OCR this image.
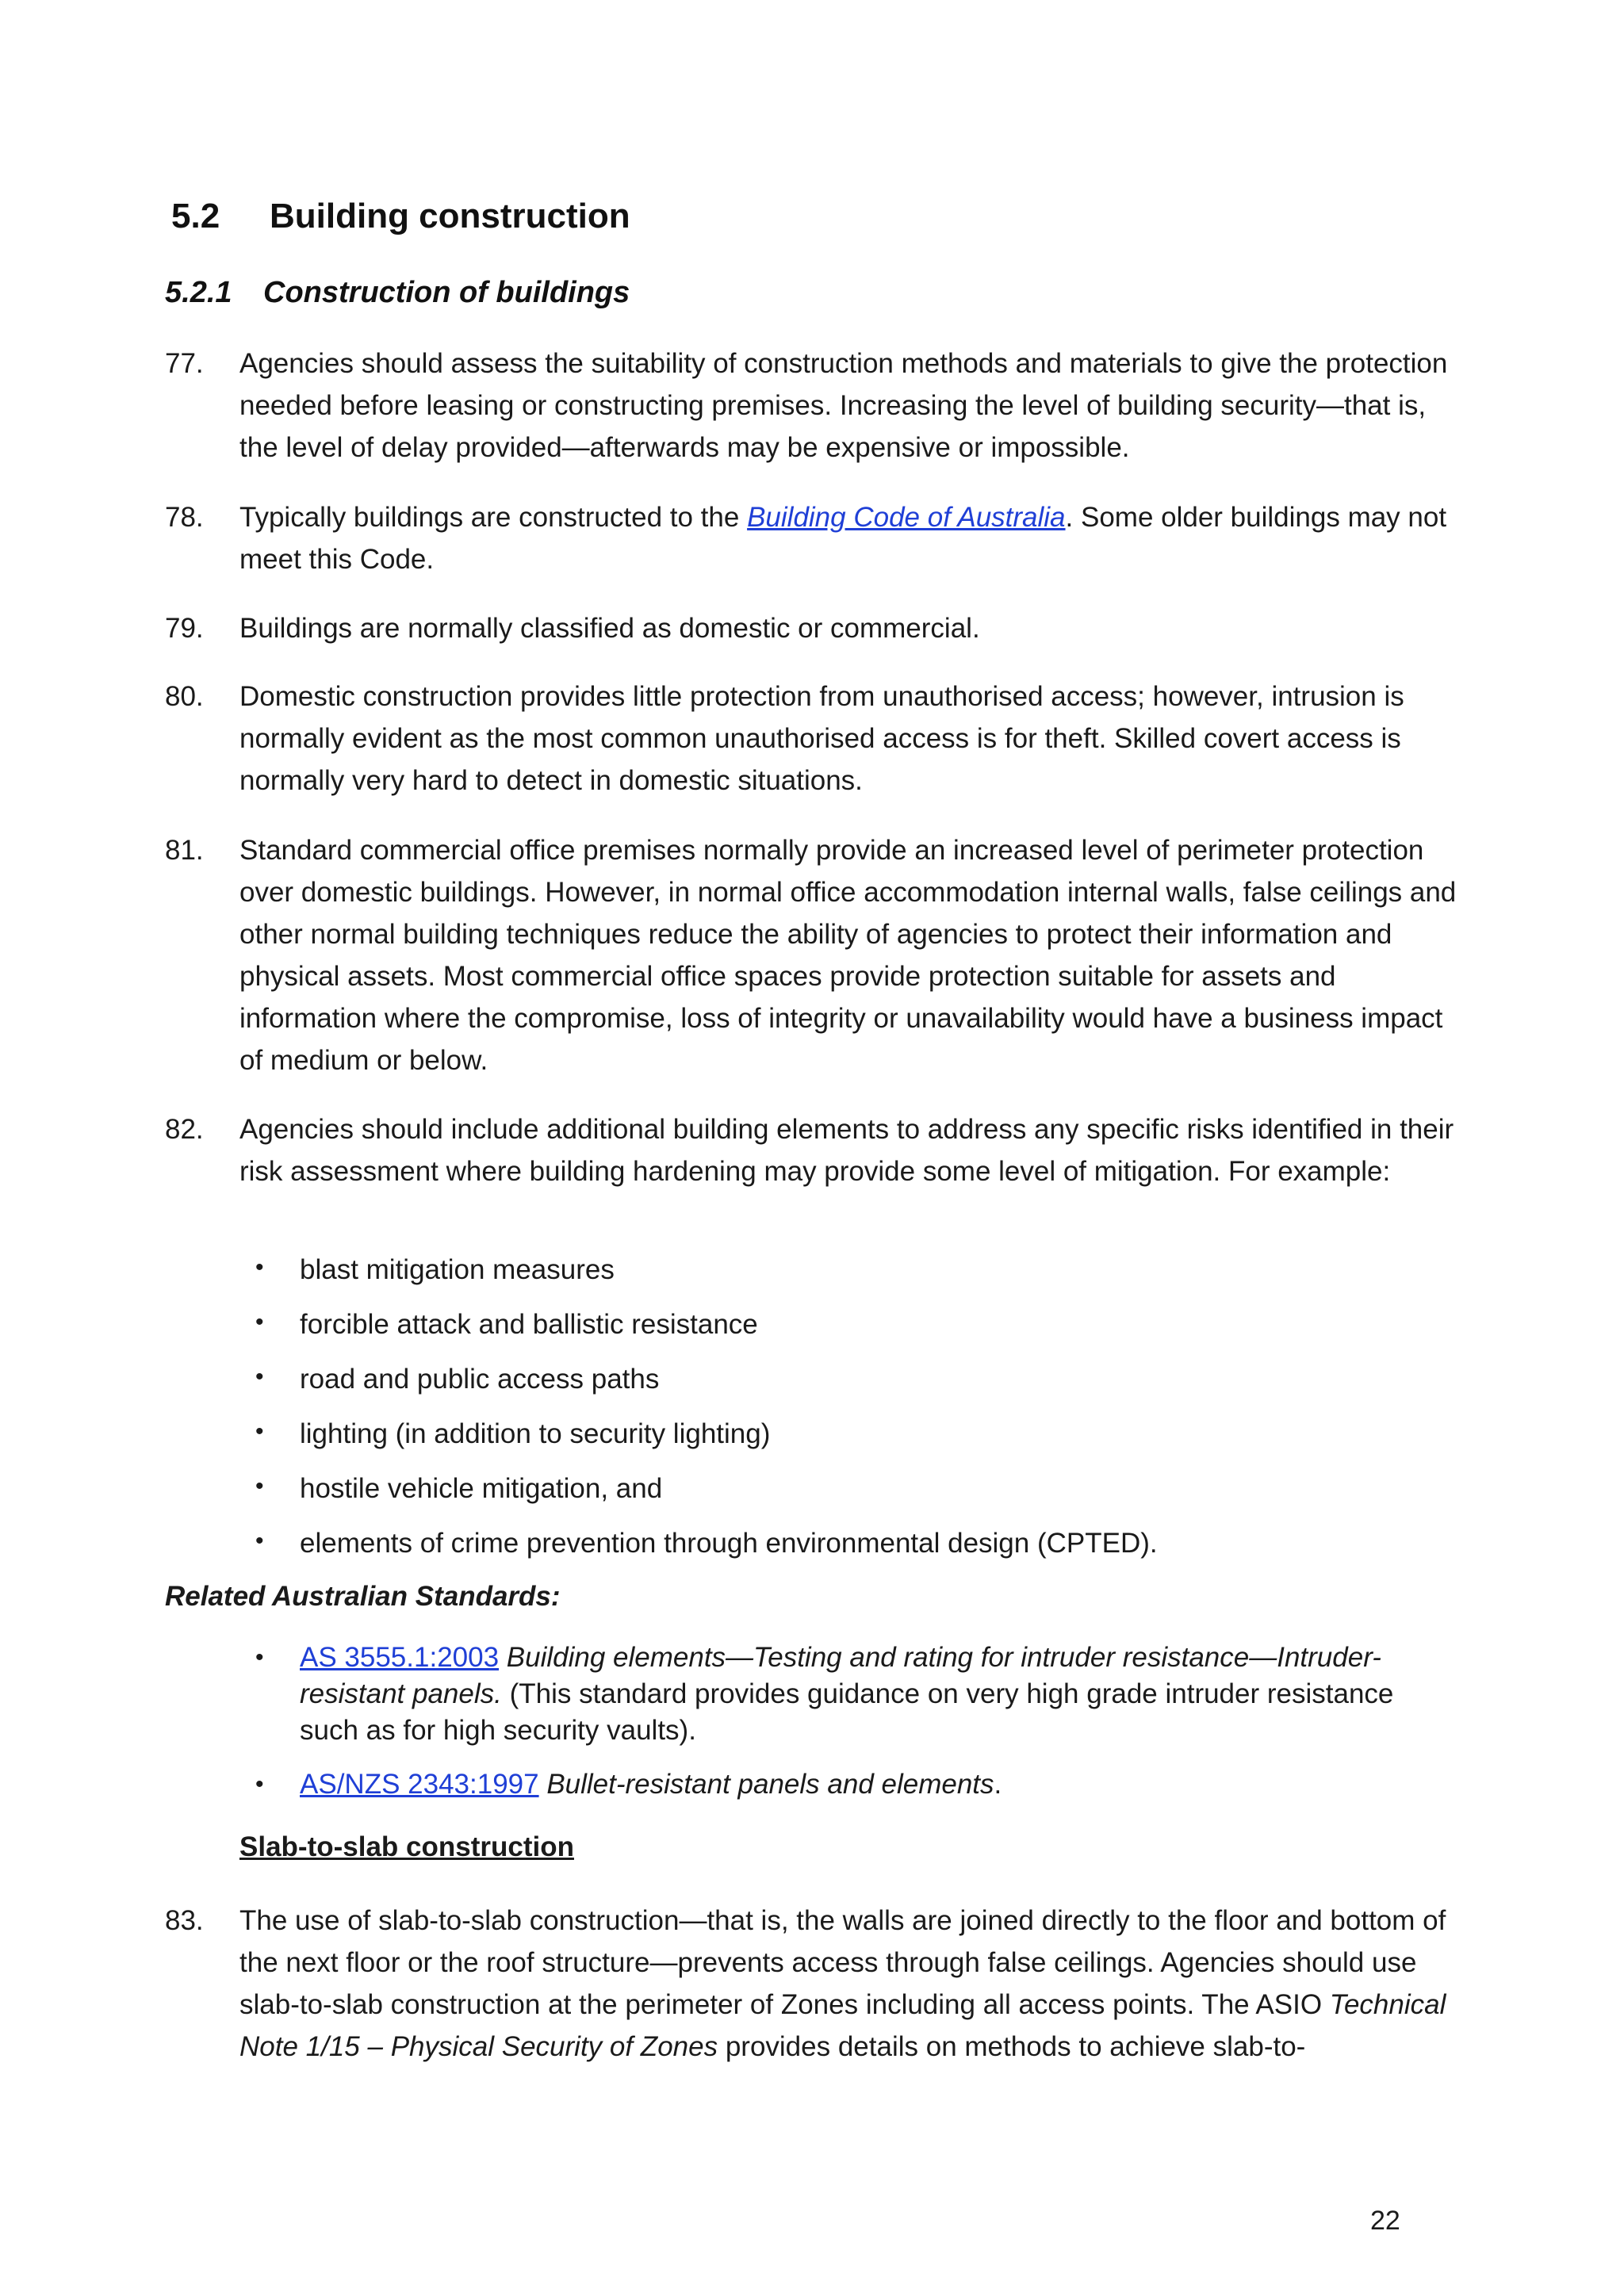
5.2 Building construction
5.2.1 Construction of buildings
77.	Agencies should assess the suitability of construction methods and materials to give the protection needed before leasing or constructing premises. Increasing the level of building security—that is, the level of delay provided—afterwards may be expensive or impossible.
78.	Typically buildings are constructed to the Building Code of Australia. Some older buildings may not meet this Code.
79.	Buildings are normally classified as domestic or commercial.
80.	Domestic construction provides little protection from unauthorised access; however, intrusion is normally evident as the most common unauthorised access is for theft. Skilled covert access is normally very hard to detect in domestic situations.
81.	Standard commercial office premises normally provide an increased level of perimeter protection over domestic buildings. However, in normal office accommodation internal walls, false ceilings and other normal building techniques reduce the ability of agencies to protect their information and physical assets. Most commercial office spaces provide protection suitable for assets and information where the compromise, loss of integrity or unavailability would have a business impact of medium or below.
82.	Agencies should include additional building elements to address any specific risks identified in their risk assessment where building hardening may provide some level of mitigation. For example:
• blast mitigation measures
• forcible attack and ballistic resistance
• road and public access paths
• lighting (in addition to security lighting)
• hostile vehicle mitigation, and
• elements of crime prevention through environmental design (CPTED).
Related Australian Standards:
• AS 3555.1:2003 Building elements—Testing and rating for intruder resistance—Intruder-resistant panels. (This standard provides guidance on very high grade intruder resistance such as for high security vaults).
• AS/NZS 2343:1997 Bullet-resistant panels and elements.
Slab-to-slab construction
83.	The use of slab-to-slab construction—that is, the walls are joined directly to the floor and bottom of the next floor or the roof structure—prevents access through false ceilings. Agencies should use slab-to-slab construction at the perimeter of Zones including all access points. The ASIO Technical Note 1/15 – Physical Security of Zones provides details on methods to achieve slab-to-
22
